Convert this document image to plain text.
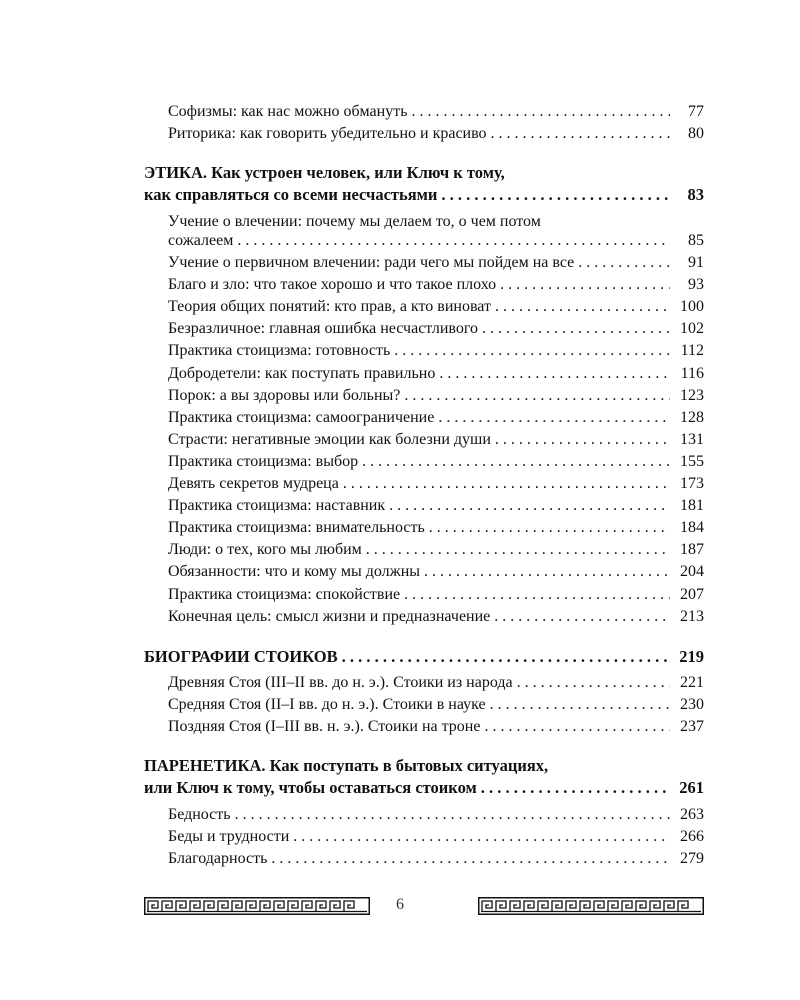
Софизмы: как нас можно обмануть . . .	77
Риторика: как говорить убедительно и красиво . . .	80
ЭТИКА. Как устроен человек, или Ключ к тому,
как справляться со всеми несчастьями . . .	83
Учение о влечении: почему мы делаем то, о чем потом
сожалеем . . .	85
Учение о первичном влечении: ради чего мы пойдем на все . . .	91
Благо и зло: что такое хорошо и что такое плохо . . .	93
Теория общих понятий: кто прав, а кто виноват . . .	100
Безразличное: главная ошибка несчастливого . . .	102
Практика стоицизма: готовность . . .	112
Добродетели: как поступать правильно . . .	116
Порок: а вы здоровы или больны? . . .	123
Практика стоицизма: самоограничение . . .	128
Страсти: негативные эмоции как болезни души . . .	131
Практика стоицизма: выбор . . .	155
Девять секретов мудреца . . .	173
Практика стоицизма: наставник . . .	181
Практика стоицизма: внимательность . . .	184
Люди: о тех, кого мы любим . . .	187
Обязанности: что и кому мы должны . . .	204
Практика стоицизма: спокойствие . . .	207
Конечная цель: смысл жизни и предназначение . . .	213
БИОГРАФИИ СТОИКОВ . . .	219
Древняя Стоя (III–II вв. до н. э.). Стоики из народа . . .	221
Средняя Стоя (II–I вв. до н. э.). Стоики в науке . . .	230
Поздняя Стоя (I–III вв. н. э.). Стоики на троне . . .	237
ПАРЕНЕТИКА. Как поступать в бытовых ситуациях,
или Ключ к тому, чтобы оставаться стоиком . . .	261
Бедность . . .	263
Беды и трудности . . .	266
Благодарность . . .	279
6
